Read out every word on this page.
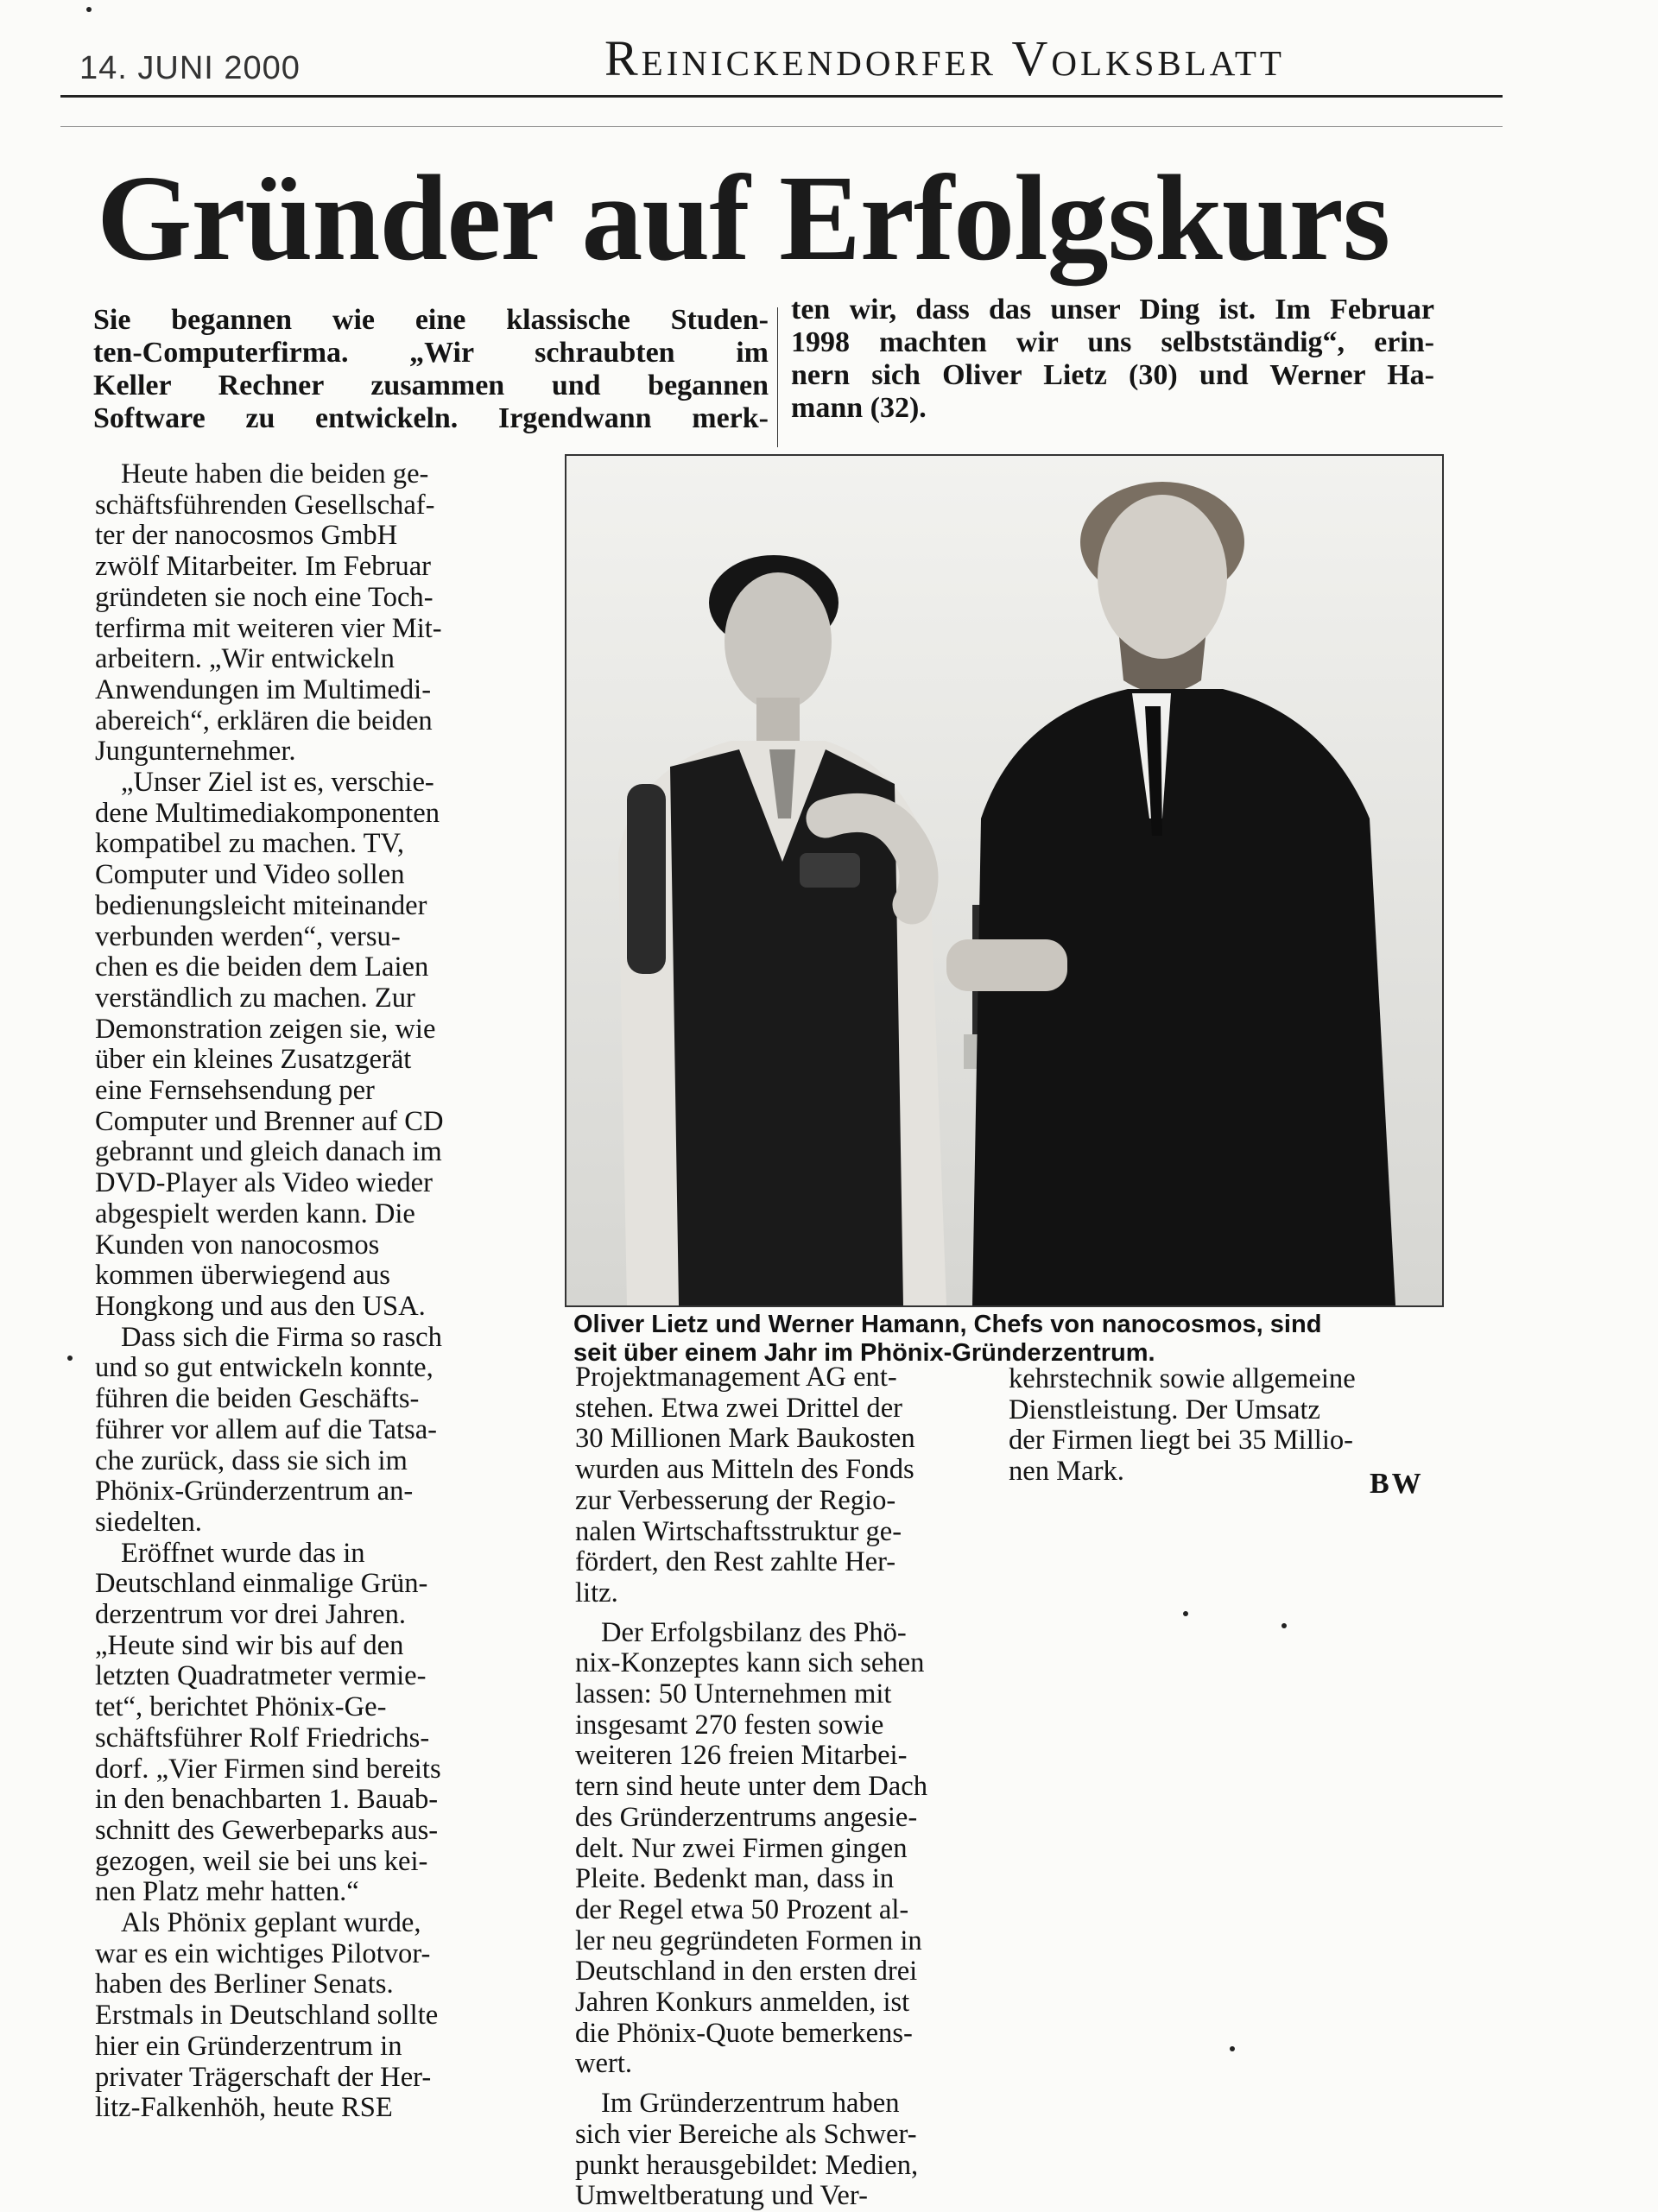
14. JUNI 2000	Reinickendorfer Volksblatt
Gründer auf Erfolgskurs

Sie begannen wie eine klassische Studen-

ten-Computerfirma. „Wir schraubten im

Keller Rechner zusammen und begannen

Software zu entwickeln. Irgendwann merk-

ten wir, dass das unser Ding ist. Im Februar

1998 machten wir uns selbstständig“, erin-

nern sich Oliver Lietz (30) und Werner Ha-

mann (32).

Oliver Lietz und Werner Hamann, Chefs von nanocosmos, sind
seit über einem Jahr im Phönix-Gründerzentrum.

Heute haben die beiden ge-

schäftsführenden Gesellschaf-

ter der nanocosmos GmbH

zwölf Mitarbeiter. Im Februar

gründeten sie noch eine Toch-

terfirma mit weiteren vier Mit-

arbeitern. „Wir entwickeln

Anwendungen im Multimedi-

abereich“, erklären die beiden

Jungunternehmer.

„Unser Ziel ist es, verschie-

dene Multimediakomponenten

kompatibel zu machen. TV,

Computer und Video sollen

bedienungsleicht miteinander

verbunden werden“, versu-

chen es die beiden dem Laien

verständlich zu machen. Zur

Demonstration zeigen sie, wie

über ein kleines Zusatzgerät

eine Fernsehsendung per

Computer und Brenner auf CD

gebrannt und gleich danach im

DVD-Player als Video wieder

abgespielt werden kann. Die

Kunden von nanocosmos

kommen überwiegend aus

Hongkong und aus den USA.

Dass sich die Firma so rasch

und so gut entwickeln konnte,

führen die beiden Geschäfts-

führer vor allem auf die Tatsa-

che zurück, dass sie sich im

Phönix-Gründerzentrum an-

siedelten.

Eröffnet wurde das in

Deutschland einmalige Grün-

derzentrum vor drei Jahren.

„Heute sind wir bis auf den

letzten Quadratmeter vermie-

tet“, berichtet Phönix-Ge-

schäftsführer Rolf Friedrichs-

dorf. „Vier Firmen sind bereits

in den benachbarten 1. Bauab-

schnitt des Gewerbeparks aus-

gezogen, weil sie bei uns kei-

nen Platz mehr hatten.“

Als Phönix geplant wurde,

war es ein wichtiges Pilotvor-

haben des Berliner Senats.

Erstmals in Deutschland sollte

hier ein Gründerzentrum in

privater Trägerschaft der Her-

litz-Falkenhöh, heute RSE

Projektmanagement AG ent-

stehen. Etwa zwei Drittel der

30 Millionen Mark Baukosten

wurden aus Mitteln des Fonds

zur Verbesserung der Regio-

nalen Wirtschaftsstruktur ge-

fördert, den Rest zahlte Her-

litz.

Der Erfolgsbilanz des Phö-

nix-Konzeptes kann sich sehen

lassen: 50 Unternehmen mit

insgesamt 270 festen sowie

weiteren 126 freien Mitarbei-

tern sind heute unter dem Dach

des Gründerzentrums angesie-

delt. Nur zwei Firmen gingen

Pleite. Bedenkt man, dass in

der Regel etwa 50 Prozent al-

ler neu gegründeten Formen in

Deutschland in den ersten drei

Jahren Konkurs anmelden, ist

die Phönix-Quote bemerkens-

wert.

Im Gründerzentrum haben

sich vier Bereiche als Schwer-

punkt herausgebildet: Medien,

Umweltberatung und Ver-

kehrstechnik sowie allgemeine

Dienstleistung. Der Umsatz

der Firmen liegt bei 35 Millio-

nen Mark.	BW
